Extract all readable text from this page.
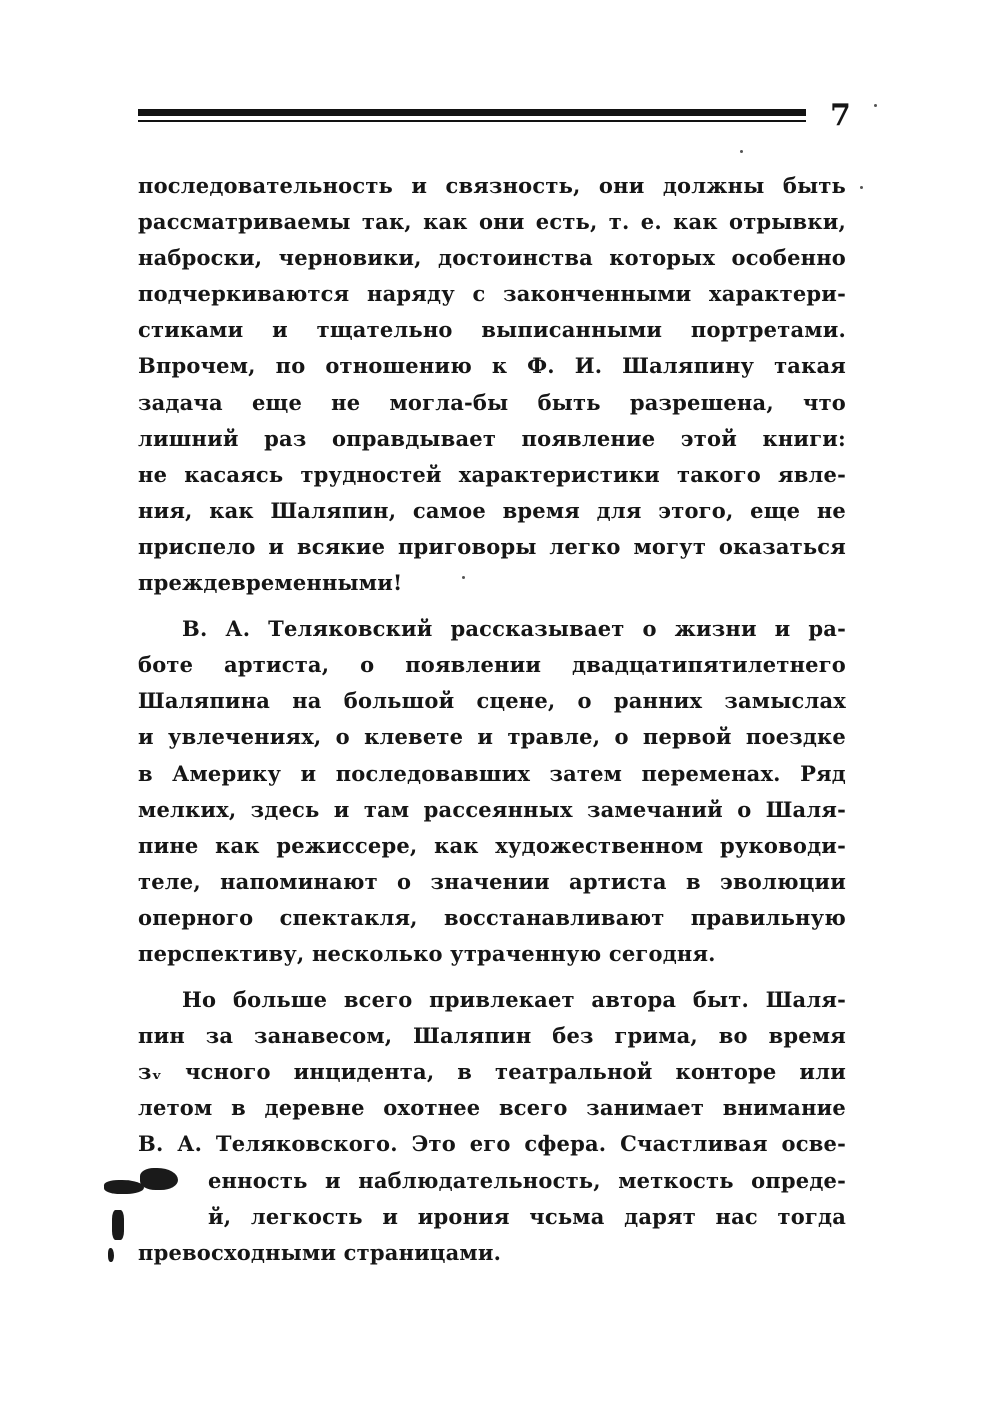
7
последовательность и связность, они должны быть
рассматриваемы так, как они есть, т. е. как отрывки,
наброски, черновики, достоинства которых особенно
подчеркиваются наряду с законченными характери-
стиками и тщательно выписанными портретами.
Впрочем, по отношению к Ф. И. Шаляпину такая
задача еще не могла-бы быть разрешена, что
лишний раз оправдывает появление этой книги:
не касаясь трудностей характеристики такого явле-
ния, как Шаляпин, самое время для этого, еще не
приспело и всякие приговоры легко могут оказаться
преждевременными!
В. А. Теляковский рассказывает о жизни и ра-
боте артиста, о появлении двадцатипятилетнего
Шаляпина на большой сцене, о ранних замыслах
и увлечениях, о клевете и травле, о первой поездке
в Америку и последовавших затем переменах. Ряд
мелких, здесь и там рассеянных замечаний о Шаля-
пине как режиссере, как художественном руководи-
теле, напоминают о значении артиста в эволюции
оперного спектакля, восстанавливают правильную
перспективу, несколько утраченную сегодня.
Но больше всего привлекает автора быт. Шаля-
пин за занавесом, Шаляпин без грима, во время
зᵥ чсного инцидента, в театральной конторе или
летом в деревне охотнее всего занимает внимание
В. А. Теляковского. Это его сфера. Счастливая осве-
енность и наблюдательность, меткость опреде-
й, легкость и ирония чсьма дарят нас тогда
превосходными страницами.
